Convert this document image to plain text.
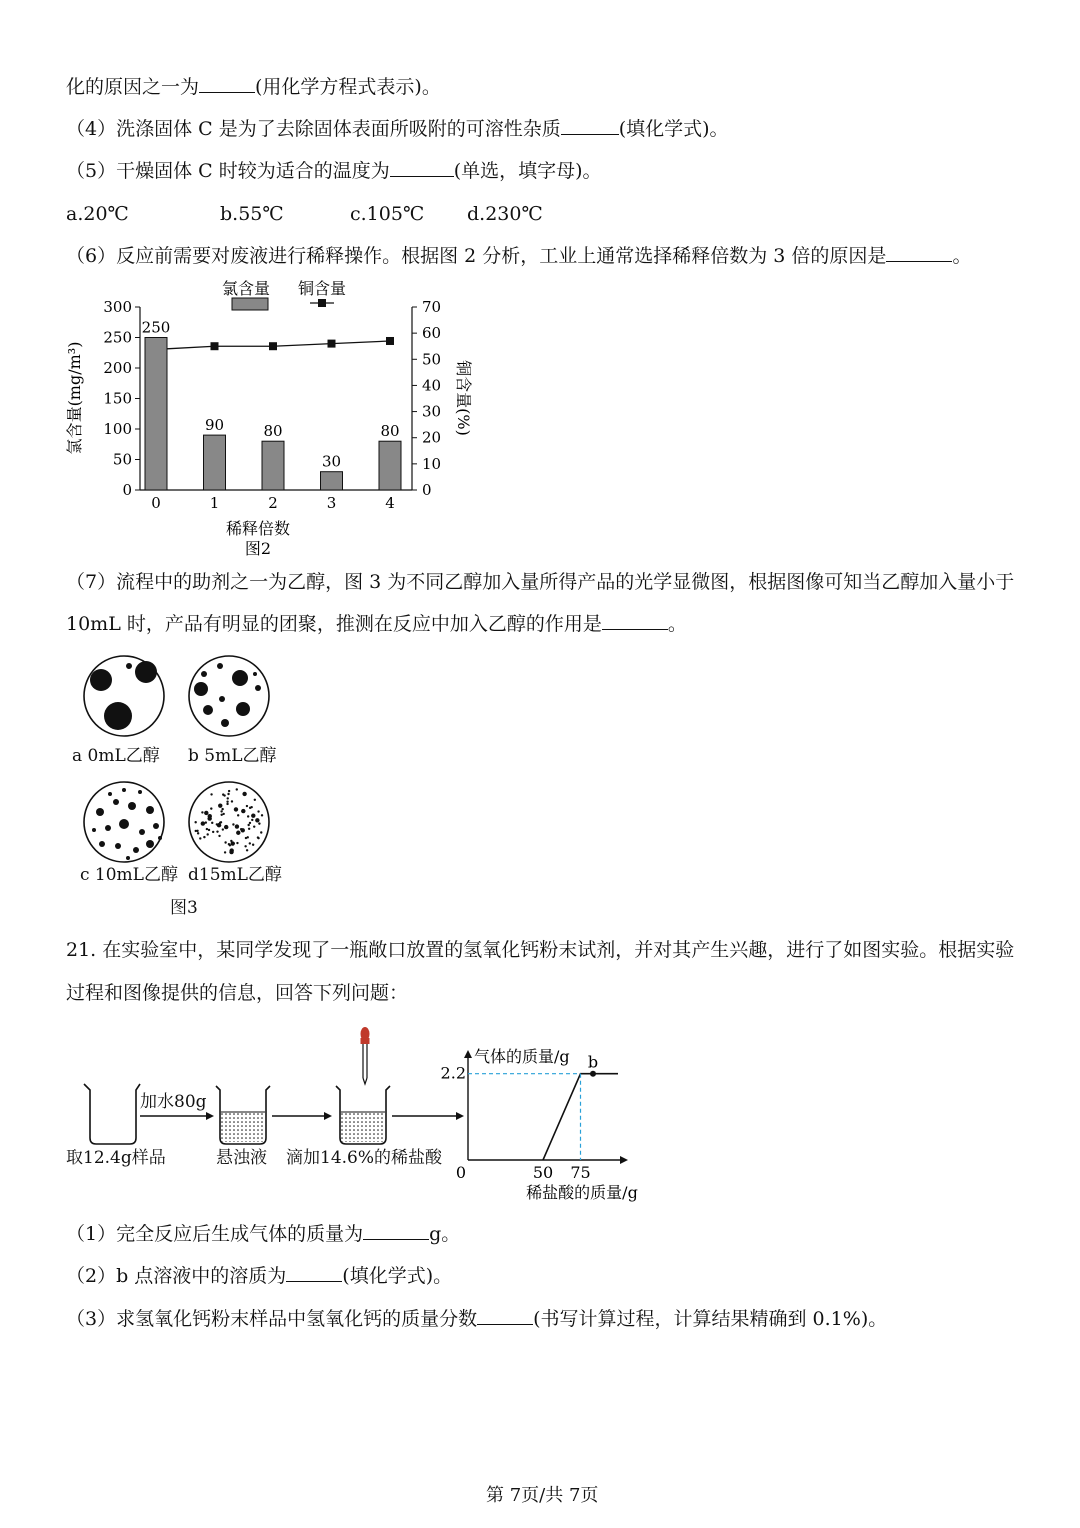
化的原因之一为	(用化学方程式表示)。
（4）洗涤固体 C 是为了去除固体表面所吸附的可溶性杂质	(填化学式)。
（5）干燥固体 C 时较为适合的温度为	(单选，填字母)。
a.20℃	b.55℃	c.105℃ d.230℃
（6）反应前需要对废液进行稀释操作。根据图 2 分析，工业上通常选择稀释倍数为 3 倍的原因是	。
氯含量 铜含量
0
50
100
150
200
250
300
0
10
20
30
40
50
60
70
0	1	2	3	4
250
90	80
30
80
氯含量(mg/m³)	铜含量(%)
稀释倍数
图2
（7）流程中的助剂之一为乙醇，图 3 为不同乙醇加入量所得产品的光学显微图，根据图像可知当乙醇加入量小于
10mL 时，产品有明显的团聚，推测在反应中加入乙醇的作用是	。
a 0mL乙醇 b 5mL乙醇
c 10mL乙醇 d15mL乙醇
图3
21. 在实验室中，某同学发现了一瓶敞口放置的氢氧化钙粉末试剂，并对其产生兴趣，进行了如图实验。根据实验
过程和图像提供的信息，回答下列问题：
气体的质量/g
2.2
0	50 75
b
稀盐酸的质量/g
加水80g
取12.4g样品	悬浊液 滴加14.6%的稀盐酸
（1）完全反应后生成气体的质量为	g。
（2）b 点溶液中的溶质为	(填化学式)。
（3）求氢氧化钙粉末样品中氢氧化钙的质量分数	(书写计算过程，计算结果精确到 0.1%)。
第 7页/共 7页
